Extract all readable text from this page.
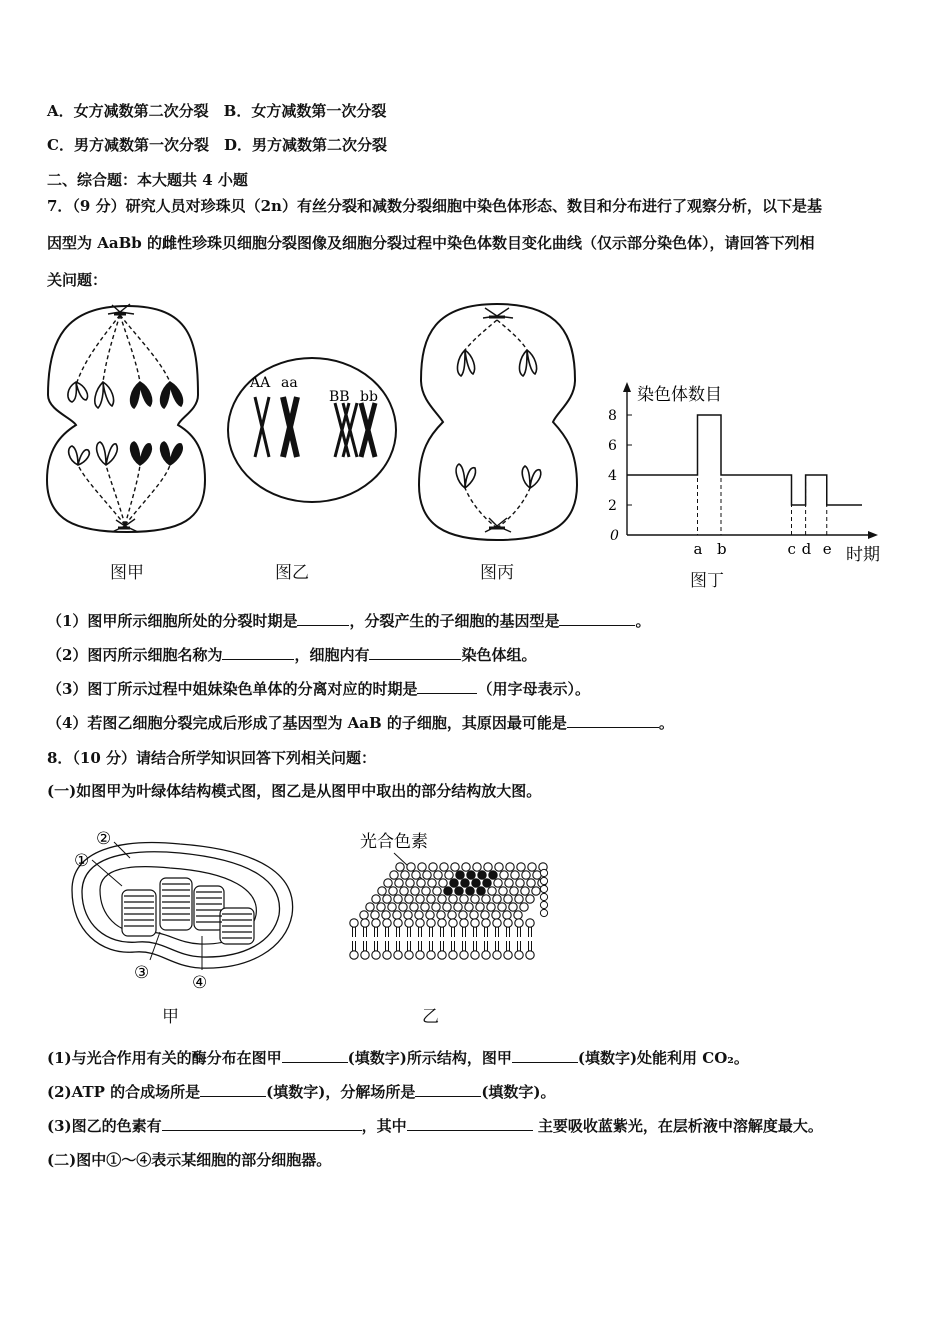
A．女方减数第二次分裂　B．女方减数第一次分裂
C．男方减数第一次分裂　D．男方减数第二次分裂
二、综合题：本大题共 4 小题
7．（9 分）研究人员对珍珠贝（2n）有丝分裂和减数分裂细胞中染色体形态、数目和分布进行了观察分析，以下是基
因型为 AaBb 的雌性珍珠贝细胞分裂图像及细胞分裂过程中染色体数目变化曲线（仅示部分染色体），请回答下列相
关问题：
图甲
AA aa
BB bb
图乙	图丙
染色体数目
时期
0
2
4
6
8
a b	c d e
图丁
（1）图甲所示细胞所处的分裂时期是	，分裂产生的子细胞的基因型是	。
（2）图丙所示细胞名称为	，细胞内有	染色体组。
（3）图丁所示过程中姐妹染色单体的分离对应的时期是	（用字母表示）。
（4）若图乙细胞分裂完成后形成了基因型为 AaB 的子细胞，其原因最可能是	。
8．（10 分）请结合所学知识回答下列相关问题：
(一)如图甲为叶绿体结构模式图，图乙是从图甲中取出的部分结构放大图。
②
①
③	④
甲
光合色素
乙
(1)与光合作用有关的酶分布在图甲	(填数字)所示结构，图甲	(填数字)处能利用 CO₂。
(2)ATP 的合成场所是	(填数字)，分解场所是	(填数字)。
(3)图乙的色素有	，其中	主要吸收蓝紫光，在层析液中溶解度最大。
(二)图中①～④表示某细胞的部分细胞器。
